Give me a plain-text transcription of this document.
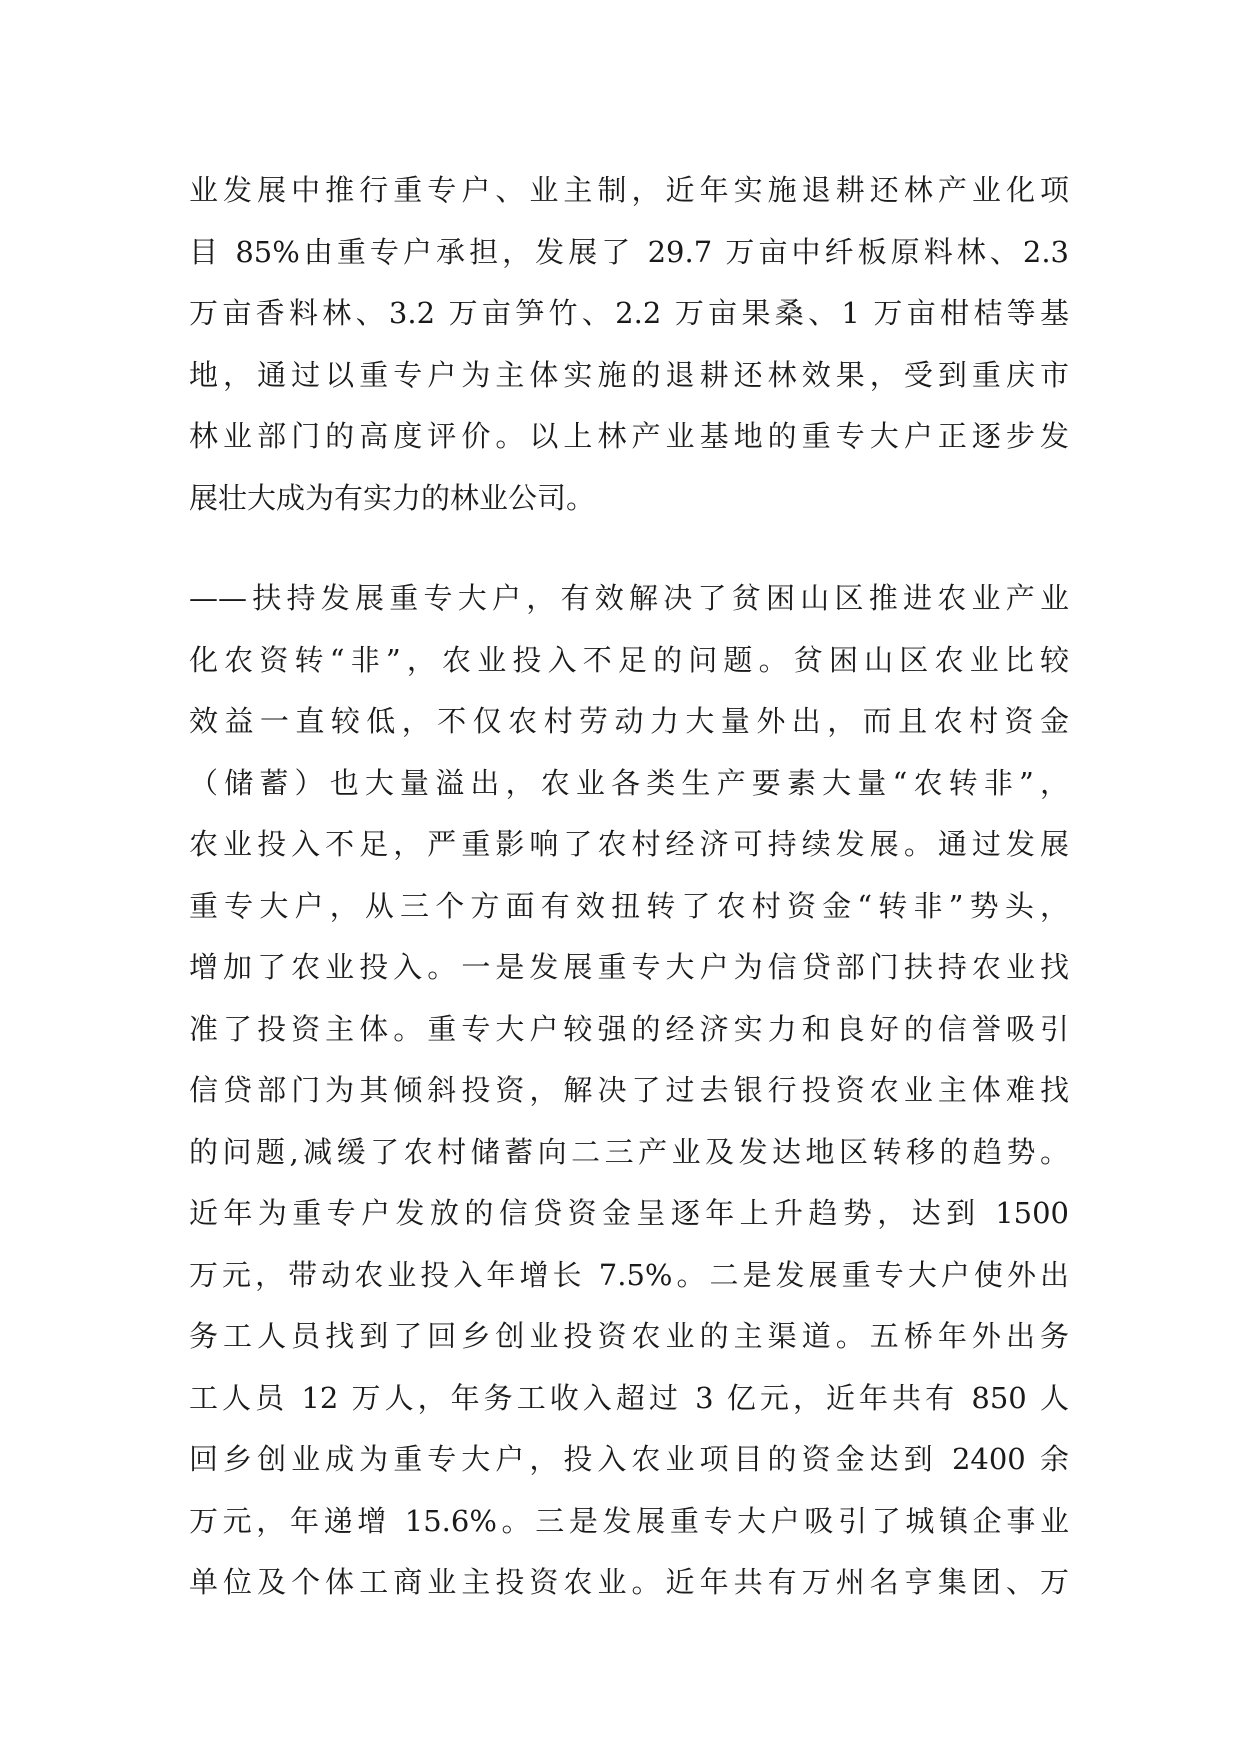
业发展中推行重专户、业主制，近年实施退耕还林产业化项
目 85%由重专户承担，发展了 29.7 万亩中纤板原料林、2.3
万亩香料林、3.2 万亩笋竹、2.2 万亩果桑、1 万亩柑桔等基
地，通过以重专户为主体实施的退耕还林效果，受到重庆市
林业部门的高度评价。以上林产业基地的重专大户正逐步发
展壮大成为有实力的林业公司。
——扶持发展重专大户，有效解决了贫困山区推进农业产业
化农资转“非”，农业投入不足的问题。贫困山区农业比较
效益一直较低，不仅农村劳动力大量外出，而且农村资金
（储蓄）也大量溢出，农业各类生产要素大量“农转非”，
农业投入不足，严重影响了农村经济可持续发展。通过发展
重专大户，从三个方面有效扭转了农村资金“转非”势头，
增加了农业投入。一是发展重专大户为信贷部门扶持农业找
准了投资主体。重专大户较强的经济实力和良好的信誉吸引
信贷部门为其倾斜投资，解决了过去银行投资农业主体难找
的问题,减缓了农村储蓄向二三产业及发达地区转移的趋势。
近年为重专户发放的信贷资金呈逐年上升趋势，达到 1500
万元，带动农业投入年增长 7.5%。二是发展重专大户使外出
务工人员找到了回乡创业投资农业的主渠道。五桥年外出务
工人员 12 万人，年务工收入超过 3 亿元，近年共有 850 人
回乡创业成为重专大户，投入农业项目的资金达到 2400 余
万元，年递增 15.6%。三是发展重专大户吸引了城镇企事业
单位及个体工商业主投资农业。近年共有万州名亨集团、万
